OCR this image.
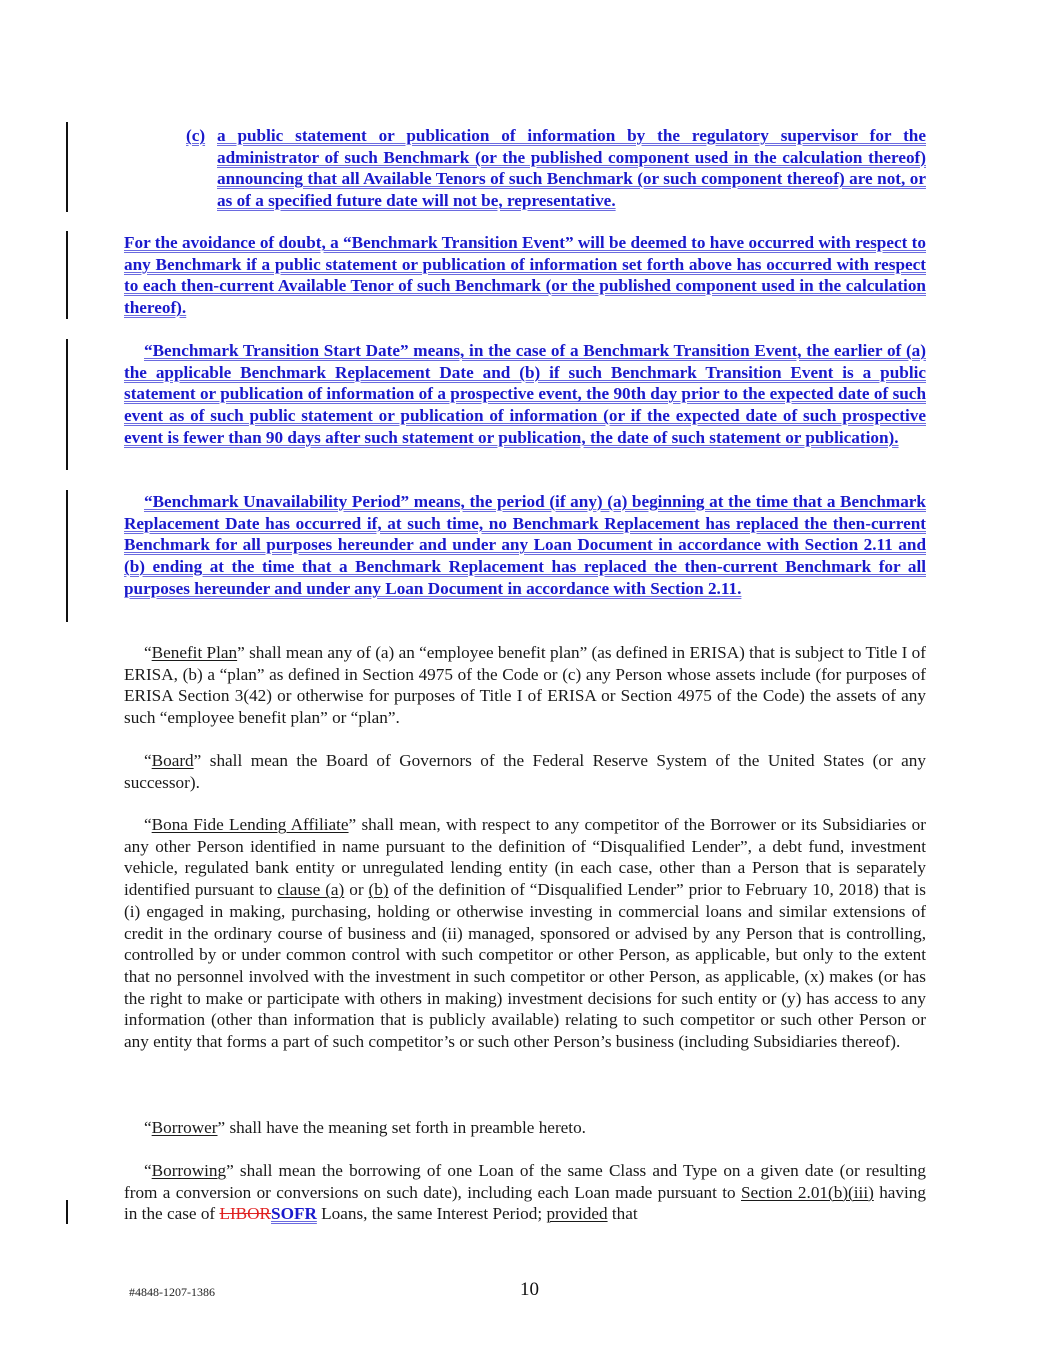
(c) a public statement or publication of information by the regulatory supervisor for the administrator of such Benchmark (or the published component used in the calculation thereof) announcing that all Available Tenors of such Benchmark (or such component thereof) are not, or as of a specified future date will not be, representative.

For the avoidance of doubt, a “Benchmark Transition Event” will be deemed to have occurred with respect to any Benchmark if a public statement or publication of information set forth above has occurred with respect to each then-current Available Tenor of such Benchmark (or the published component used in the calculation thereof).

“Benchmark Transition Start Date” means, in the case of a Benchmark Transition Event, the earlier of (a) the applicable Benchmark Replacement Date and (b) if such Benchmark Transition Event is a public statement or publication of information of a prospective event, the 90th day prior to the expected date of such event as of such public statement or publication of information (or if the expected date of such prospective event is fewer than 90 days after such statement or publication, the date of such statement or publication).

“Benchmark Unavailability Period” means, the period (if any) (a) beginning at the time that a Benchmark Replacement Date has occurred if, at such time, no Benchmark Replacement has replaced the then-current Benchmark for all purposes hereunder and under any Loan Document in accordance with Section 2.11 and (b) ending at the time that a Benchmark Replacement has replaced the then-current Benchmark for all purposes hereunder and under any Loan Document in accordance with Section 2.11.

“Benefit Plan” shall mean any of (a) an “employee benefit plan” (as defined in ERISA) that is subject to Title I of ERISA, (b) a “plan” as defined in Section 4975 of the Code or (c) any Person whose assets include (for purposes of ERISA Section 3(42) or otherwise for purposes of Title I of ERISA or Section 4975 of the Code) the assets of any such “employee benefit plan” or “plan”.

“Board” shall mean the Board of Governors of the Federal Reserve System of the United States (or any successor).

“Bona Fide Lending Affiliate” shall mean, with respect to any competitor of the Borrower or its Subsidiaries or any other Person identified in name pursuant to the definition of “Disqualified Lender”, a debt fund, investment vehicle, regulated bank entity or unregulated lending entity (in each case, other than a Person that is separately identified pursuant to clause (a) or (b) of the definition of “Disqualified Lender” prior to February 10, 2018) that is (i) engaged in making, purchasing, holding or otherwise investing in commercial loans and similar extensions of credit in the ordinary course of business and (ii) managed, sponsored or advised by any Person that is controlling, controlled by or under common control with such competitor or other Person, as applicable, but only to the extent that no personnel involved with the investment in such competitor or other Person, as applicable, (x) makes (or has the right to make or participate with others in making) investment decisions for such entity or (y) has access to any information (other than information that is publicly available) relating to such competitor or such other Person or any entity that forms a part of such competitor’s or such other Person’s business (including Subsidiaries thereof).

“Borrower” shall have the meaning set forth in preamble hereto.

“Borrowing” shall mean the borrowing of one Loan of the same Class and Type on a given date (or resulting from a conversion or conversions on such date), including each Loan made pursuant to Section 2.01(b)(iii) having in the case of LIBORSOFR Loans, the same Interest Period; provided that

#4848-1207-1386	10
